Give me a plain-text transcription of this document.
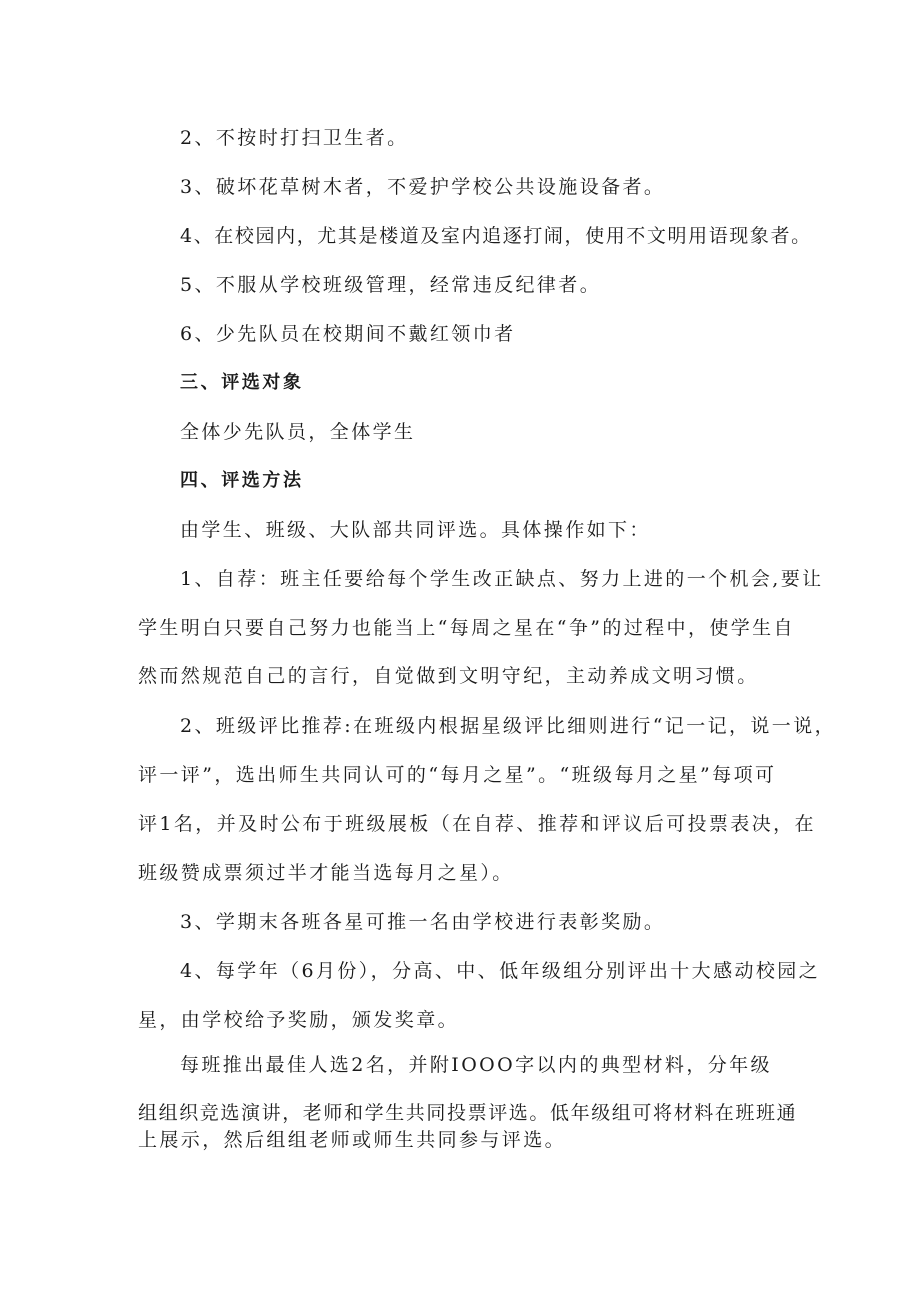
2、不按时打扫卫生者。
3、破坏花草树木者，不爱护学校公共设施设备者。
4、在校园内，尤其是楼道及室内追逐打闹，使用不文明用语现象者。
5、不服从学校班级管理，经常违反纪律者。
6、少先队员在校期间不戴红领巾者
三、评选对象
全体少先队员，全体学生
四、评选方法
由学生、班级、大队部共同评选。具体操作如下：
1、自荐：班主任要给每个学生改正缺点、努力上进的一个机会,要让
学生明白只要自己努力也能当上“每周之星在“争”的过程中，使学生自
然而然规范自己的言行，自觉做到文明守纪，主动养成文明习惯。
2、班级评比推荐:在班级内根据星级评比细则进行“记一记，说一说，
评一评”，选出师生共同认可的“每月之星”。“班级每月之星”每项可
评1名，并及时公布于班级展板（在自荐、推荐和评议后可投票表决，在
班级赞成票须过半才能当选每月之星）。
3、学期末各班各星可推一名由学校进行表彰奖励。
4、每学年（6月份），分高、中、低年级组分别评出十大感动校园之
星，由学校给予奖励，颁发奖章。
每班推出最佳人选2名，并附IOOO字以内的典型材料，分年级
组组织竞选演讲，老师和学生共同投票评选。低年级组可将材料在班班通
上展示，然后组组老师或师生共同参与评选。
